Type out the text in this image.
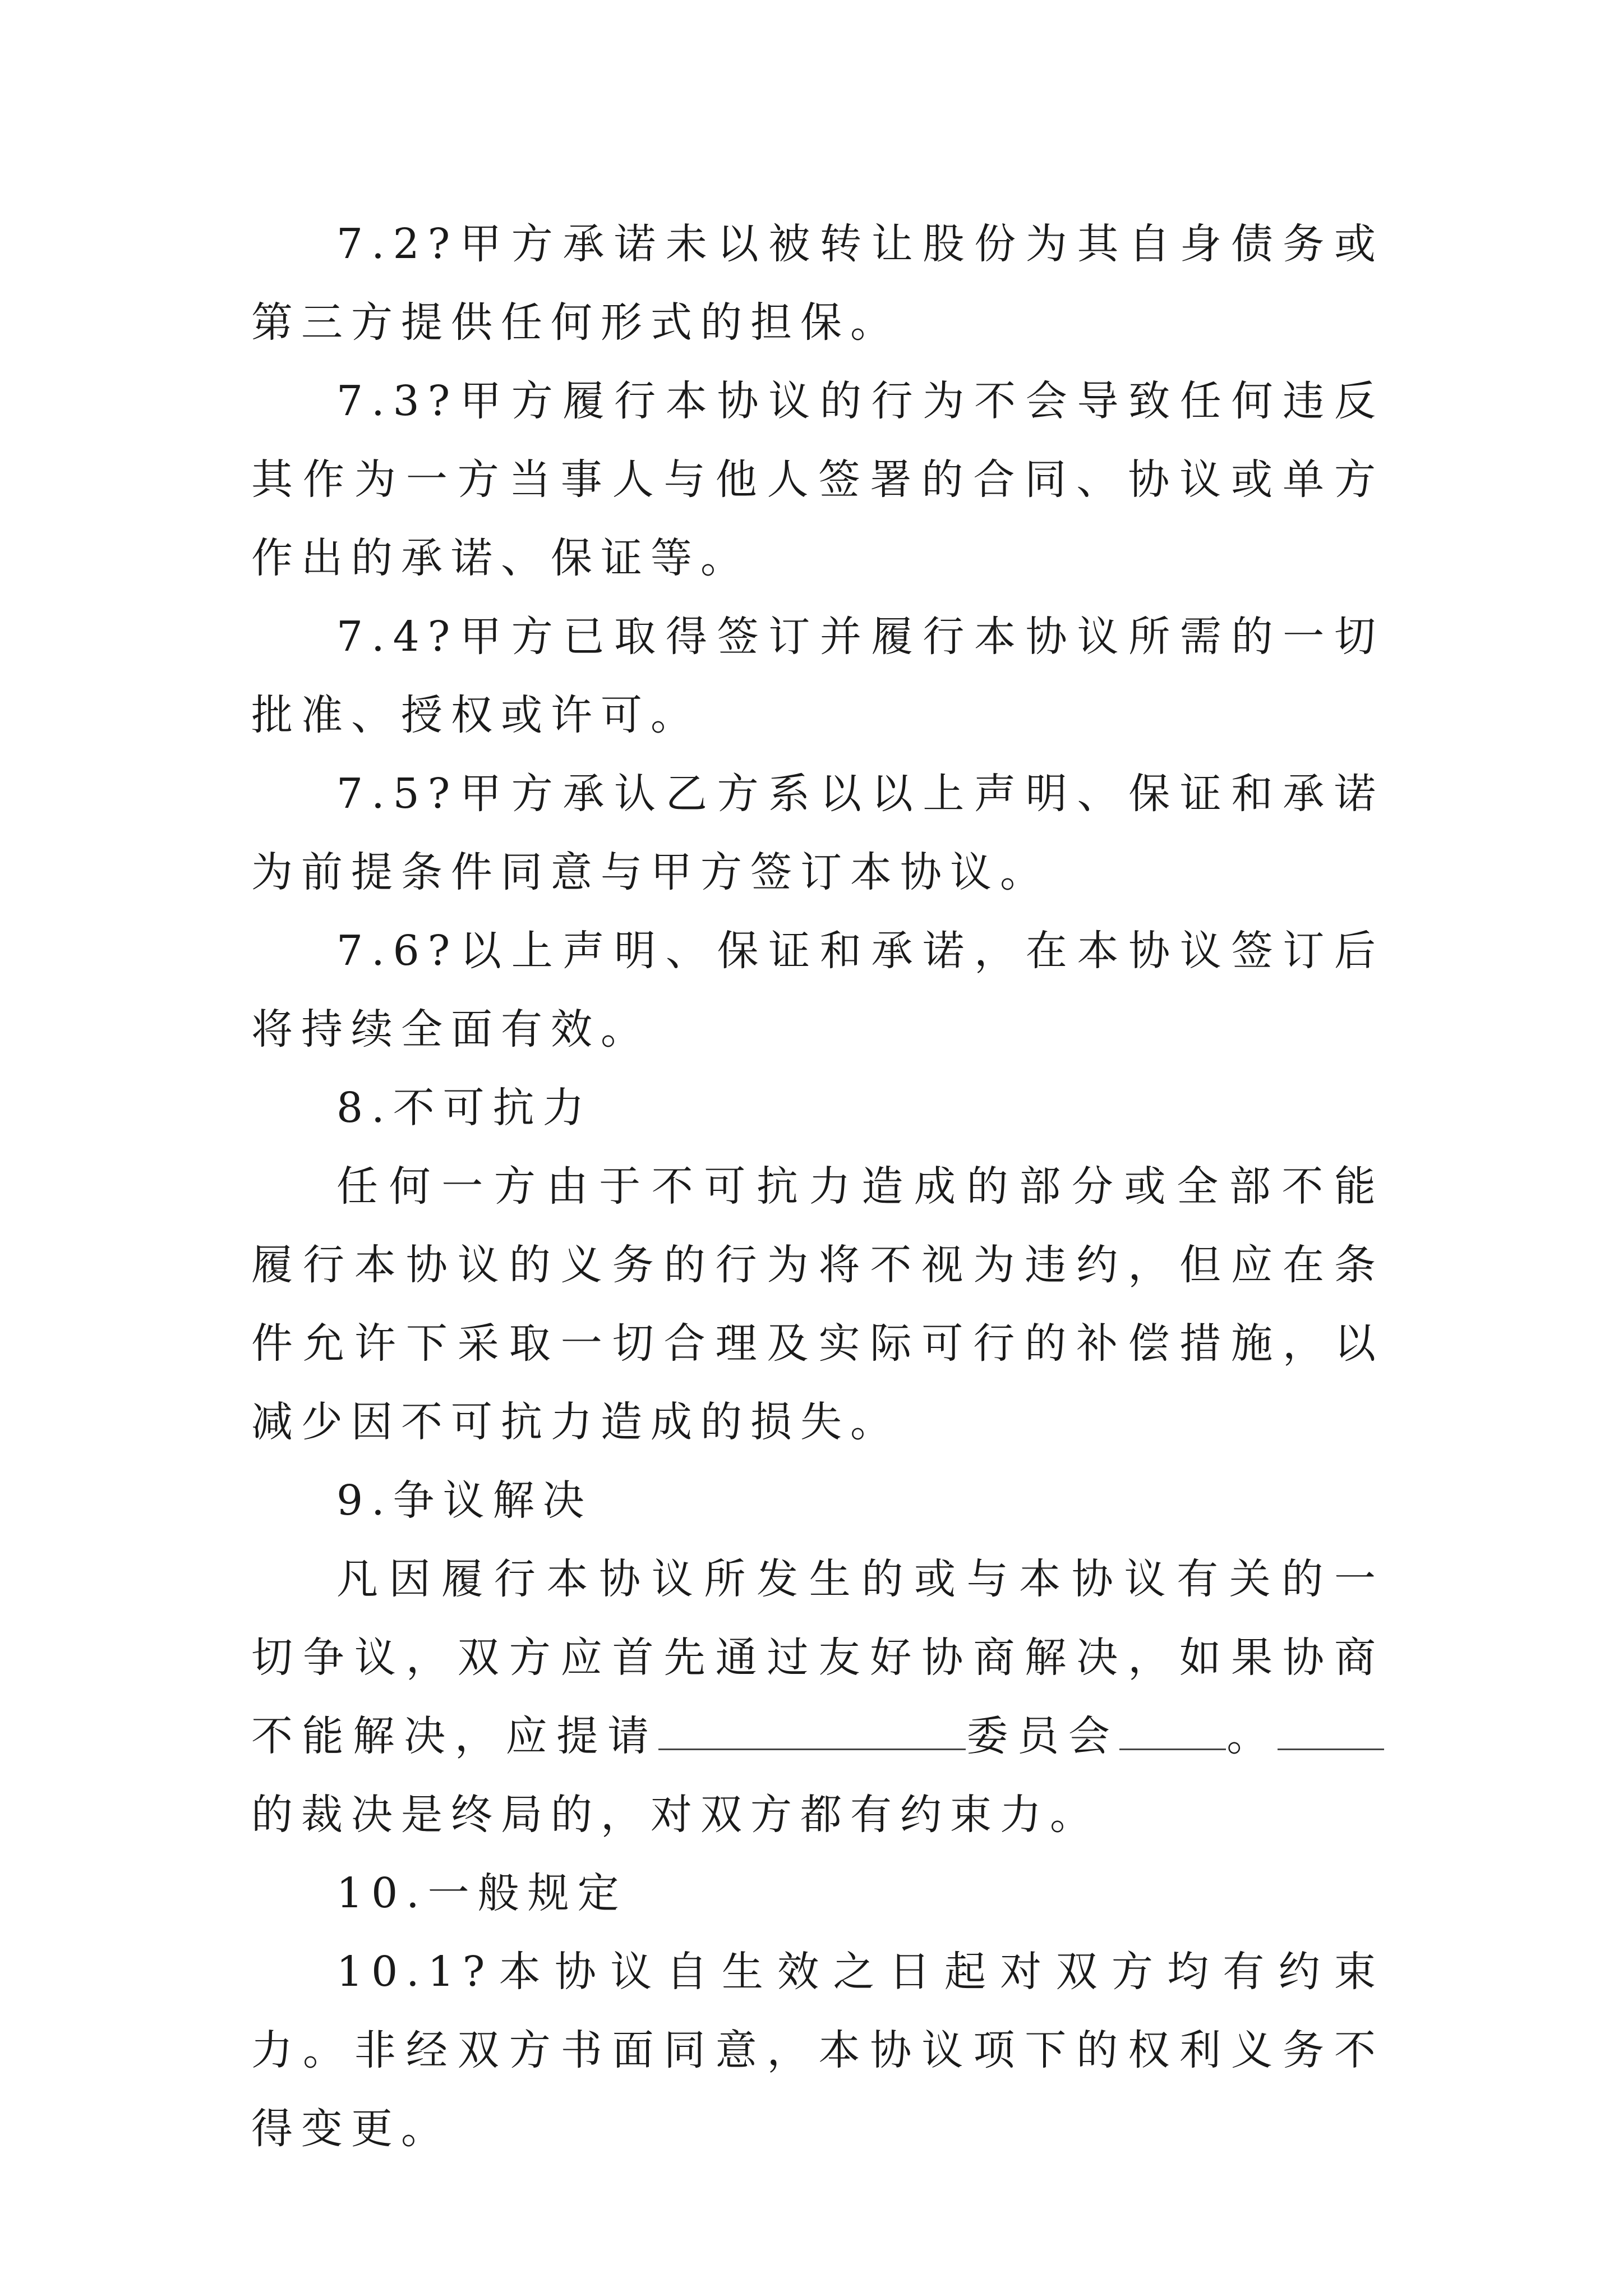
7.2?甲方承诺未以被转让股份为其自身债务或第三方提供任何形式的担保。

7.3?甲方履行本协议的行为不会导致任何违反其作为一方当事人与他人签署的合同、协议或单方作出的承诺、保证等。

7.4?甲方已取得签订并履行本协议所需的一切批准、授权或许可。

7.5?甲方承认乙方系以以上声明、保证和承诺为前提条件同意与甲方签订本协议。

7.6?以上声明、保证和承诺，在本协议签订后将持续全面有效。

8.不可抗力

任何一方由于不可抗力造成的部分或全部不能履行本协议的义务的行为将不视为违约，但应在条件允许下采取一切合理及实际可行的补偿措施，以减少因不可抗力造成的损失。

9.争议解决

凡因履行本协议所发生的或与本协议有关的一切争议，双方应首先通过友好协商解决，如果协商不能解决，应提请	委员会	。的裁决是终局的，对双方都有约束力。

10.一般规定

10.1?本协议自生效之日起对双方均有约束力。非经双方书面同意，本协议项下的权利义务不得变更。
